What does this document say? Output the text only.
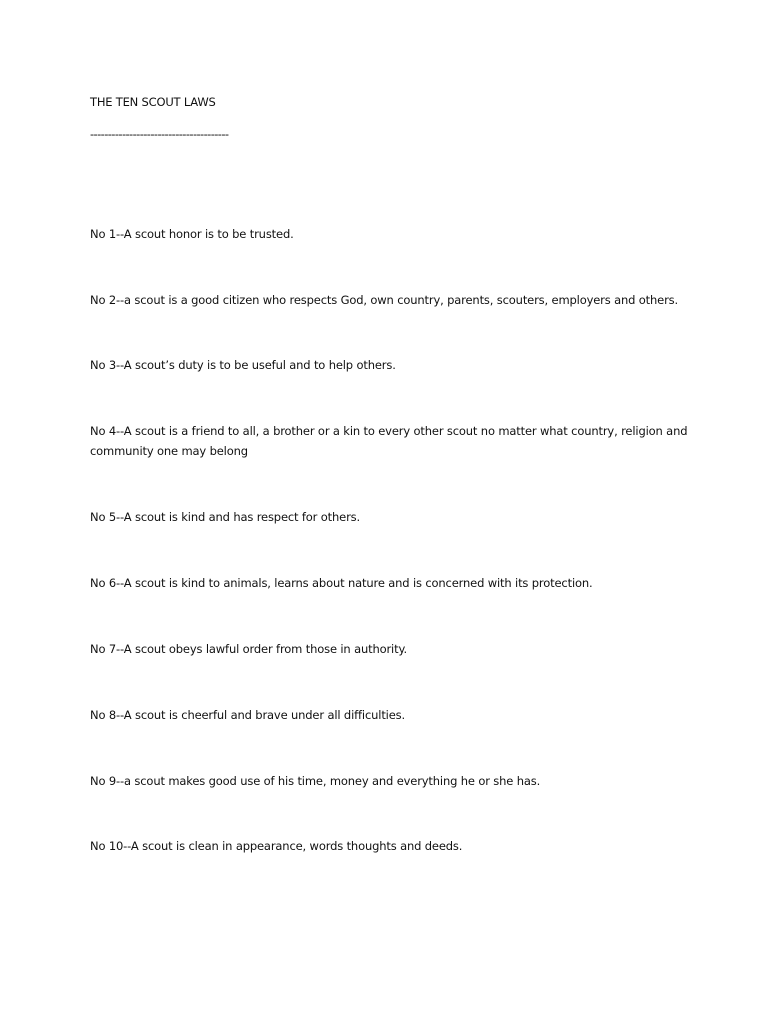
THE TEN SCOUT LAWS
---------------------------------------
No 1--A scout honor is to be trusted.
No 2--a scout is a good citizen who respects God, own country, parents, scouters, employers and others.
No 3--A scout’s duty is to be useful and to help others.
No 4--A scout is a friend to all, a brother or a kin to every other scout no matter what country, religion and community one may belong
No 5--A scout is kind and has respect for others.
No 6--A scout is kind to animals, learns about nature and is concerned with its protection.
No 7--A scout obeys lawful order from those in authority.
No 8--A scout is cheerful and brave under all difficulties.
No 9--a scout makes good use of his time, money and everything he or she has.
No 10--A scout is clean in appearance, words thoughts and deeds.
